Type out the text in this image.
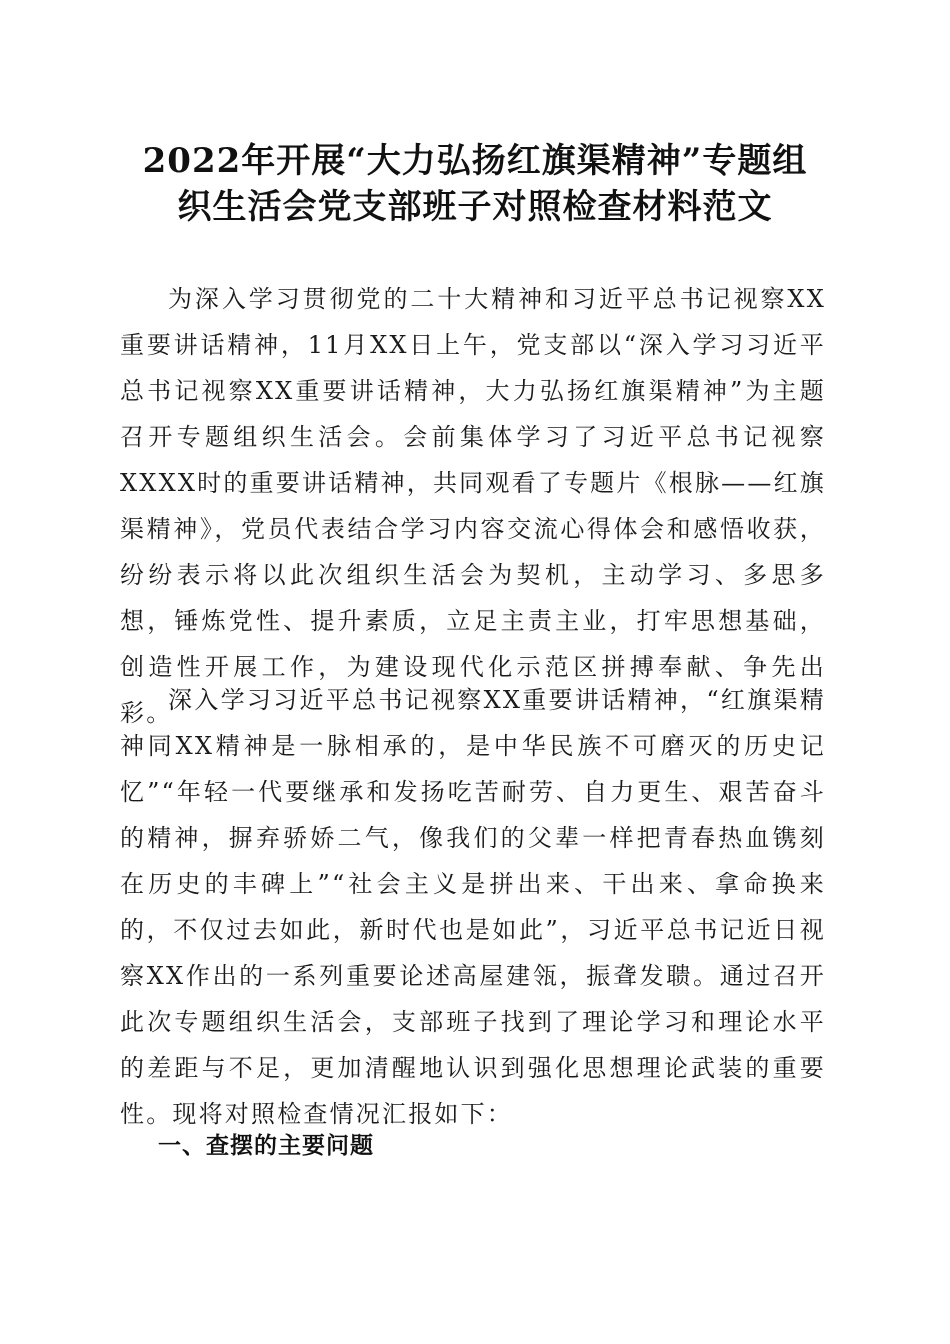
2022年开展“大力弘扬红旗渠精神”专题组
织生活会党支部班子对照检查材料范文

为深入学习贯彻党的二十大精神和习近平总书记视察XX重要讲话精神，11月XX日上午，党支部以“深入学习习近平总书记视察XX重要讲话精神，大力弘扬红旗渠精神”为主题召开专题组织生活会。会前集体学习了习近平总书记视察XXXX时的重要讲话精神，共同观看了专题片《根脉——红旗渠精神》，党员代表结合学习内容交流心得体会和感悟收获，纷纷表示将以此次组织生活会为契机，主动学习、多思多想，锤炼党性、提升素质，立足主责主业，打牢思想基础，创造性开展工作，为建设现代化示范区拼搏奉献、争先出彩。

深入学习习近平总书记视察XX重要讲话精神，“红旗渠精神同XX精神是一脉相承的，是中华民族不可磨灭的历史记忆”“年轻一代要继承和发扬吃苦耐劳、自力更生、艰苦奋斗的精神，摒弃骄娇二气，像我们的父辈一样把青春热血镌刻在历史的丰碑上”“社会主义是拼出来、干出来、拿命换来的，不仅过去如此，新时代也是如此”，习近平总书记近日视察XX作出的一系列重要论述高屋建瓴，振聋发聩。通过召开此次专题组织生活会，支部班子找到了理论学习和理论水平的差距与不足，更加清醒地认识到强化思想理论武装的重要性。现将对照检查情况汇报如下：

一、查摆的主要问题
